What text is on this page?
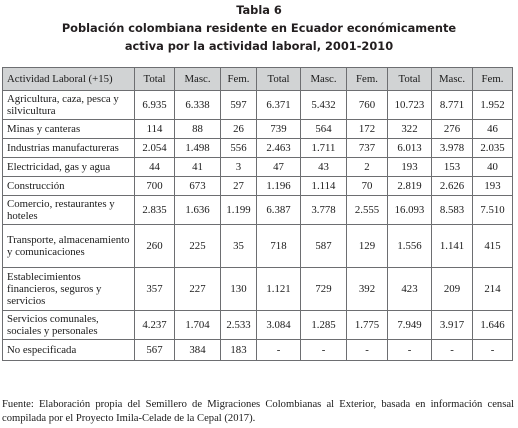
Tabla 6
Población colombiana residente en Ecuador económicamente
activa por la actividad laboral, 2001-2010
Actividad Laboral (+15)	Total	Masc.	Fem.	Total	Masc.	Fem.	Total	Masc.	Fem.
Agricultura, caza, pesca y silvicultura	6.935	6.338	597	6.371	5.432	760	10.723	8.771	1.952
Minas y canteras	114	88	26	739	564	172	322	276	46
Industrias manufactureras	2.054	1.498	556	2.463	1.711	737	6.013	3.978	2.035
Electricidad, gas y agua	44	41	3	47	43	2	193	153	40
Construcción	700	673	27	1.196	1.114	70	2.819	2.626	193
Comercio, restaurantes y hoteles	2.835	1.636	1.199	6.387	3.778	2.555	16.093	8.583	7.510
Transporte, almacenamiento y comunicaciones	260	225	35	718	587	129	1.556	1.141	415
Establecimientos financieros, seguros y servicios	357	227	130	1.121	729	392	423	209	214
Servicios comunales, sociales y personales	4.237	1.704	2.533	3.084	1.285	1.775	7.949	3.917	1.646
No especificada	567	384	183	-	-	-	-	-	-
Fuente: Elaboración propia del Semillero de Migraciones Colombianas al Exterior, basada en información censal compilada por el Proyecto Imila-Celade de la Cepal (2017).
